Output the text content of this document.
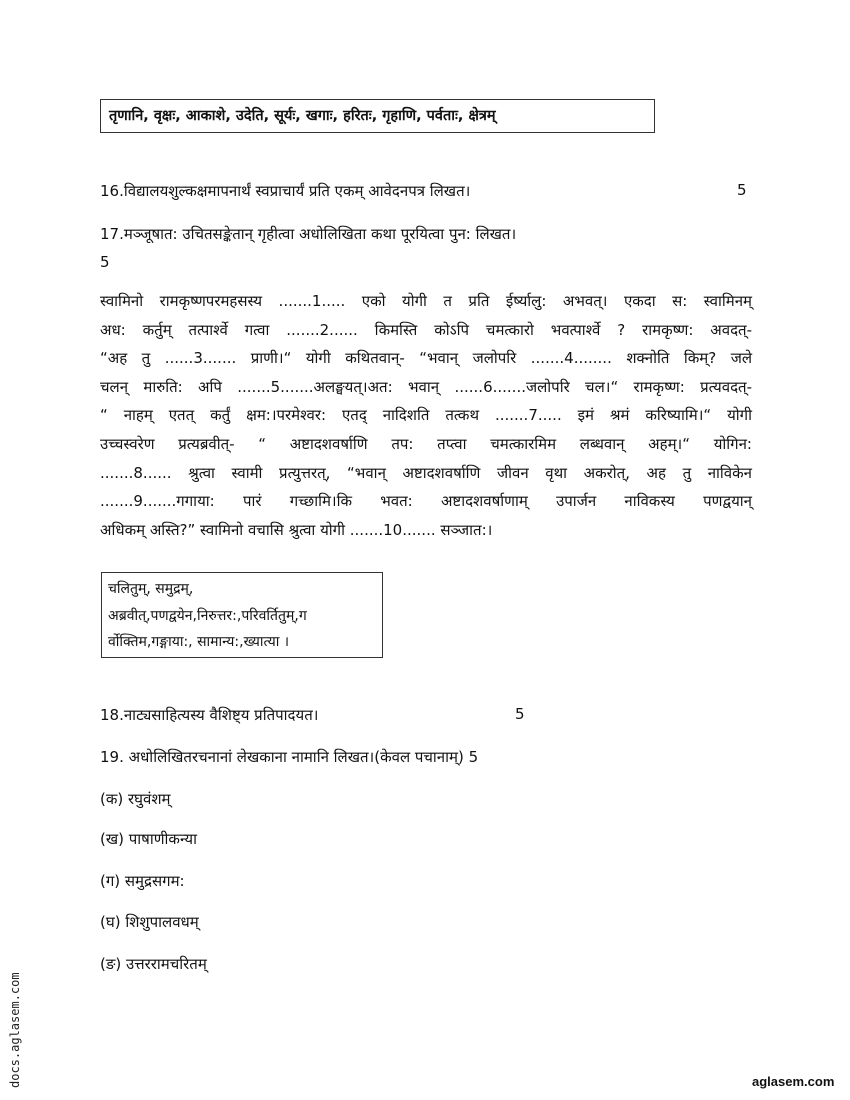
तृणानि, वृक्षः, आकाशे, उदेति, सूर्यः, खगाः, हरितः, गृहाणि, पर्वताः, क्षेत्रम्
16.विद्यालयशुल्कक्षमापनार्थं स्वप्राचार्यं प्रति एकम् आवेदनपत्र लिखत।	5
17.मञ्जूषात: उचितसङ्केतान् गृहीत्वा अधोलिखिता कथा पूरयित्वा पुन: लिखत।
5
स्वामिनो रामकृष्णपरमहसस्य .......1..... एको योगी त प्रति ईर्ष्यालु: अभवत्। एकदा स: स्वामिनम्
अध: कर्तुम् तत्पार्श्वे गत्वा .......2...... किमस्ति कोऽपि चमत्कारो भवत्पार्श्वे ? रामकृष्ण: अवदत्-
“अह तु ......3....... प्राणी।“ योगी कथितवान्- “भवान् जलोपरि .......4........ शक्नोति किम्? जले
चलन् मारुति: अपि .......5.......अलङ्घयत्।अत: भवान् ......6.......जलोपरि चल।“ रामकृष्ण: प्रत्यवदत्-
“ नाहम् एतत् कर्तुं क्षम:।परमेश्वर: एतद् नादिशति तत्कथ .......7..... इमं श्रमं करिष्यामि।“ योगी
उच्चस्वरेण प्रत्यब्रवीत्- “ अष्टादशवर्षाणि तप: तप्त्वा चमत्कारमिम लब्धवान् अहम्।“ योगिन:
.......8...... श्रुत्वा स्वामी प्रत्युत्तरत्, “भवान् अष्टादशवर्षाणि जीवन वृथा अकरोत्, अह तु नाविकेन
.......9.......गगाया: पारं गच्छामि।कि भवत: अष्टादशवर्षाणाम् उपार्जन नाविकस्य पणद्वयान्
अधिकम् अस्ति?” स्वामिनो वचासि श्रुत्वा योगी .......10....... सञ्जात:।
चलितुम्, समुद्रम्,
अब्रवीत्,पणद्वयेन,निरुत्तर:,परिवर्तितुम्,ग
र्वोक्तिम,गङ्गाया:, सामान्य:,ख्यात्या ।
18.नाट्यसाहित्यस्य वैशिष्ट्य प्रतिपादयत।	5
19. अधोलिखितरचनानां लेखकाना नामानि लिखत।(केवल पचानाम्) 5
(क) रघुवंशम्
(ख) पाषाणीकन्या
(ग) समुद्रसगम:
(घ) शिशुपालवधम्
(ङ) उत्तररामचरितम्
docs.aglasem.com	aglasem.com
